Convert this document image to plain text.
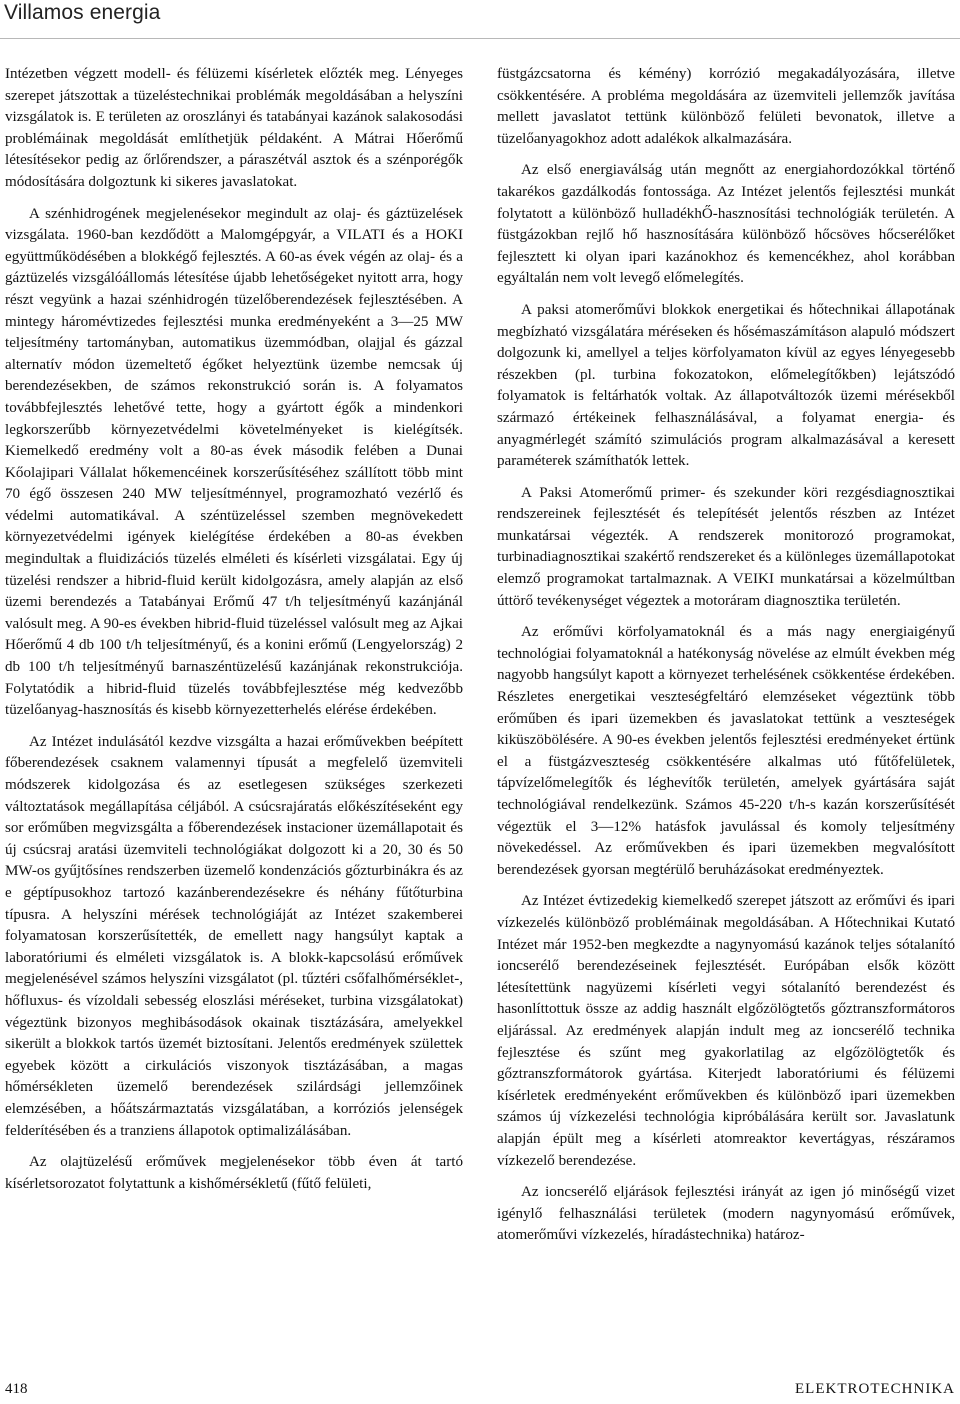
Villamos energia

Intézetben végzett modell- és félüzemi kísérletek előzték meg. Lényeges szerepet játszottak a tüzeléstechnikai problémák megoldásában a helyszíni vizsgálatok is. E területen az oroszlányi és tatabányai kazánok salakosodási problémáinak megoldását említhetjük példaként. A Mátrai Hőerőmű létesítésekor pedig az őrlőrendszer, a páraszétvál asztok és a szénporégők módosítására dolgoztunk ki sikeres javaslatokat.

A szénhidrogének megjelenésekor megindult az olaj- és gáztüzelések vizsgálata. 1960-ban kezdődött a Malomgépgyár, a VILATI és a HOKI együttműködésében a blokkégő fejlesztés. A 60-as évek végén az olaj- és a gáztüzelés vizsgálóállomás létesítése újabb lehetőségeket nyitott arra, hogy részt vegyünk a hazai szénhidrogén tüzelőberendezések fejlesztésében. A mintegy háromévtizedes fejlesztési munka eredményeként a 3—25 MW teljesítmény tartományban, automatikus üzemmódban, olajjal és gázzal alternatív módon üzemeltető égőket helyeztünk üzembe nemcsak új berendezésekben, de számos rekonstrukció során is. A folyamatos továbbfejlesztés lehetővé tette, hogy a gyártott égők a mindenkori legkorszerűbb környezetvédelmi követelményeket is kielégítsék. Kiemelkedő eredmény volt a 80-as évek második felében a Dunai Kőolajipari Vállalat hőkemencéinek korszerűsítéséhez szállított több mint 70 égő összesen 240 MW teljesítménnyel, programozható vezérlő és védelmi automatikával. A széntüzeléssel szemben megnövekedett környezetvédelmi igények kielégítése érdekében a 80-as években megindultak a fluidizációs tüzelés elméleti és kísérleti vizsgálatai. Egy új tüzelési rendszer a hibrid-fluid került kidolgozásra, amely alapján az első üzemi berendezés a Tatabányai Erőmű 47 t/h teljesítményű kazánjánál valósult meg. A 90-es években hibrid-fluid tüzeléssel valósult meg az Ajkai Hőerőmű 4 db 100 t/h teljesítményű, és a konini erőmű (Lengyelország) 2 db 100 t/h teljesítményű barnaszéntüzelésű kazánjának rekonstrukciója. Folytatódik a hibrid-fluid tüzelés továbbfejlesztése még kedvezőbb tüzelőanyag-hasznosítás és kisebb környezetterhelés elérése érdekében.

Az Intézet indulásától kezdve vizsgálta a hazai erőművekben beépített főberendezések csaknem valamennyi típusát a megfelelő üzemviteli módszerek kidolgozása és az esetlegesen szükséges szerkezeti változtatások megállapítása céljából. A csúcsrajáratás előkészítéseként egy sor erőműben megvizsgálta a főberendezések instacioner üzemállapotait és új csúcsraj aratási üzemviteli technológiákat dolgozott ki a 20, 30 és 50 MW-os gyűjtősínes rendszerben üzemelő kondenzációs gőzturbinákra és az e géptípusokhoz tartozó kazánberendezésekre és néhány fűtőturbina típusra. A helyszíni mérések technológiáját az Intézet szakemberei folyamatosan korszerűsítették, de emellett nagy hangsúlyt kaptak a laboratóriumi és elméleti vizsgálatok is. A blokk-kapcsolású erőművek megjelenésével számos helyszíni vizsgálatot (pl. tűztéri csőfalhőmérséklet-, hőfluxus- és vízoldali sebesség eloszlási méréseket, turbina vizsgálatokat) végeztünk bizonyos meghibásodások okainak tisztázására, amelyekkel sikerült a blokkok tartós üzemét biztosítani. Jelentős eredmények születtek egyebek között a cirkulációs viszonyok tisztázásában, a magas hőmérsékleten üzemelő berendezések szilárdsági jellemzőinek elemzésében, a hőátszármaztatás vizsgálatában, a korróziós jelenségek felderítésében és a tranziens állapotok optimalizálásában.

Az olajtüzelésű erőművek megjelenésekor több éven át tartó kísérletsorozatot folytattunk a kishőmérsékletű (fűtő felületi,

füstgázcsatorna és kémény) korrózió megakadályozására, illetve csökkentésére. A probléma megoldására az üzemviteli jellemzők javítása mellett javaslatot tettünk különböző felületi bevonatok, illetve a tüzelőanyagokhoz adott adalékok alkalmazására.

Az első energiaválság után megnőtt az energiahordozókkal történő takarékos gazdálkodás fontossága. Az Intézet jelentős fejlesztési munkát folytatott a különböző hulladékhŐ-hasznosítási technológiák területén. A füstgázokban rejlő hő hasznosítására különböző hőcsöves hőcserélőket fejlesztett ki olyan ipari kazánokhoz és kemencékhez, ahol korábban egyáltalán nem volt levegő előmelegítés.

A paksi atomerőművi blokkok energetikai és hőtechnikai állapotának megbízható vizsgálatára méréseken és hősémaszámításon alapuló módszert dolgozunk ki, amellyel a teljes körfolyamaton kívül az egyes lényegesebb részekben (pl. turbina fokozatokon, előmelegítőkben) lejátszódó folyamatok is feltárhatók voltak. Az állapotváltozók üzemi mérésekből származó értékeinek felhasználásával, a folyamat energia- és anyagmérlegét számító szimulációs program alkalmazásával a keresett paraméterek számíthatók lettek.

A Paksi Atomerőmű primer- és szekunder köri rezgésdiagnosztikai rendszereinek fejlesztését és telepítését jelentős részben az Intézet munkatársai végezték. A rendszerek monitorozó programokat, turbinadiagnosztikai szakértő rendszereket és a különleges üzemállapotokat elemző programokat tartalmaznak. A VEIKI munkatársai a közelmúltban úttörő tevékenységet végeztek a motoráram diagnosztika területén.

Az erőművi körfolyamatoknál és a más nagy energiaigényű technológiai folyamatoknál a hatékonyság növelése az elmúlt években még nagyobb hangsúlyt kapott a környezet terhelésének csökkentése érdekében. Részletes energetikai veszteségfeltáró elemzéseket végeztünk több erőműben és ipari üzemekben és javaslatokat tettünk a veszteségek kiküszöbölésére. A 90-es években jelentős fejlesztési eredményeket értünk el a füstgázveszteség csökkentésére alkalmas utó fűtőfelületek, tápvízelőmelegítők és léghevítők területén, amelyek gyártására saját technológiával rendelkezünk. Számos 45-220 t/h-s kazán korszerűsítését végeztük el 3—12% hatásfok javulással és komoly teljesítmény növekedéssel. Az erőművekben és ipari üzemekben megvalósított berendezések gyorsan megtérülő beruházásokat eredményeztek.

Az Intézet évtizedekig kiemelkedő szerepet játszott az erőművi és ipari vízkezelés különböző problémáinak megoldásában. A Hőtechnikai Kutató Intézet már 1952-ben megkezdte a nagynyomású kazánok teljes sótalanító ioncserélő berendezéseinek fejlesztését. Európában elsők között létesítettünk nagyüzemi kísérleti vegyi sótalanító berendezést és hasonlíttottuk össze az addig használt elgőzölögtetős gőztranszformátoros eljárással. Az eredmények alapján indult meg az ioncserélő technika fejlesztése és szűnt meg gyakorlatilag az elgőzölögtetők és gőztranszformátorok gyártása. Kiterjedt laboratóriumi és félüzemi kísérletek eredményeként erőművekben és különböző ipari üzemekben számos új vízkezelési technológia kipróbálására került sor. Javaslatunk alapján épült meg a kísérleti atomreaktor kevertágyas, részáramos vízkezelő berendezése.

Az ioncserélő eljárások fejlesztési irányát az igen jó minőségű vizet igénylő felhasználási területek (modern nagynyomású erőművek, atomerőművi vízkezelés, híradástechnika) határoz-

418	ELEKTROTECHNIKA
